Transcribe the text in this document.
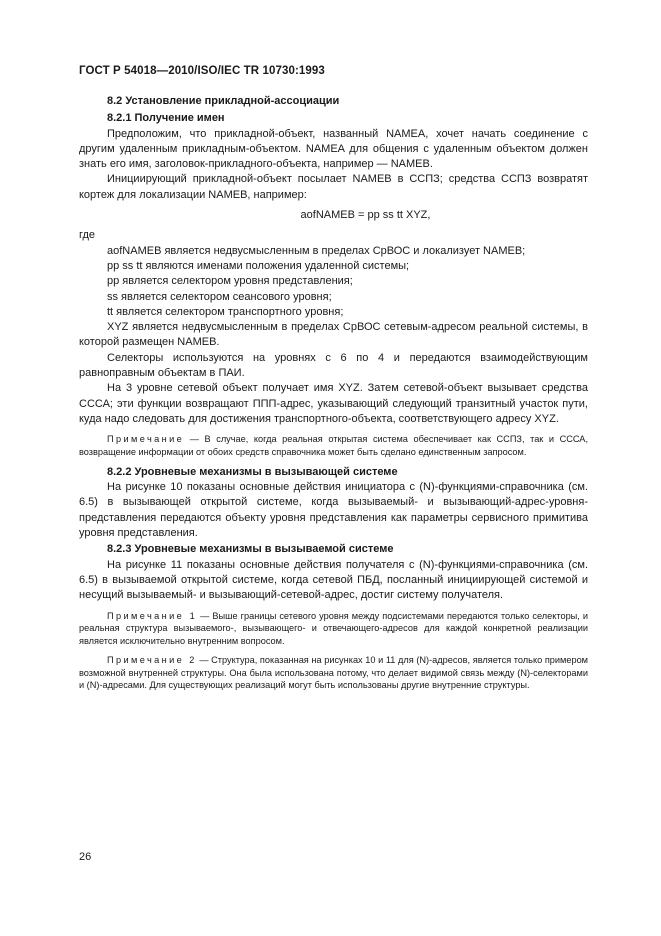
ГОСТ Р 54018—2010/ISO/IEC TR 10730:1993

8.2 Установление прикладной-ассоциации

8.2.1 Получение имен

Предположим, что прикладной-объект, названный NAMEA, хочет начать соединение с другим удаленным прикладным-объектом. NAMEA для общения с удаленным объектом должен знать его имя, заголовок-прикладного-объекта, например — NAMEB.

Инициирующий прикладной-объект посылает NAMEB в ССПЗ; средства ССПЗ возвратят кортеж для локализации NAMEB, например:

aofNAMEB = pp ss tt XYZ,

где

aofNAMEB является недвусмысленным в пределах СрВОС и локализует NAMEB;

pp ss tt являются именами положения удаленной системы;

pp является селектором уровня представления;

ss является селектором сеансового уровня;

tt является селектором транспортного уровня;

XYZ является недвусмысленным в пределах СрВОС сетевым-адресом реальной системы, в которой размещен NAMEB.

Селекторы используются на уровнях с 6 по 4 и передаются взаимодействующим равноправным объектам в ПАИ.

На 3 уровне сетевой объект получает имя XYZ. Затем сетевой-объект вызывает средства СССА; эти функции возвращают ППП-адрес, указывающий следующий транзитный участок пути, куда надо следовать для достижения транспортного-объекта, соответствующего адресу XYZ.

Примечание — В случае, когда реальная открытая система обеспечивает как ССПЗ, так и СССА, возвращение информации от обоих средств справочника может быть сделано единственным запросом.

8.2.2 Уровневые механизмы в вызывающей системе

На рисунке 10 показаны основные действия инициатора с (N)-функциями-справочника (см. 6.5) в вызывающей открытой системе, когда вызываемый- и вызывающий-адрес-уровня-представления передаются объекту уровня представления как параметры сервисного примитива уровня представления.

8.2.3 Уровневые механизмы в вызываемой системе

На рисунке 11 показаны основные действия получателя с (N)-функциями-справочника (см. 6.5) в вызываемой открытой системе, когда сетевой ПБД, посланный инициирующей системой и несущий вызываемый- и вызывающий-сетевой-адрес, достиг систему получателя.

Примечание 1 — Выше границы сетевого уровня между подсистемами передаются только селекторы, и реальная структура вызываемого-, вызывающего- и отвечающего-адресов для каждой конкретной реализации является исключительно внутренним вопросом.

Примечание 2 — Структура, показанная на рисунках 10 и 11 для (N)-адресов, является только примером возможной внутренней структуры. Она была использована потому, что делает видимой связь между (N)-селекторами и (N)-адресами. Для существующих реализаций могут быть использованы другие внутренние структуры.

26
